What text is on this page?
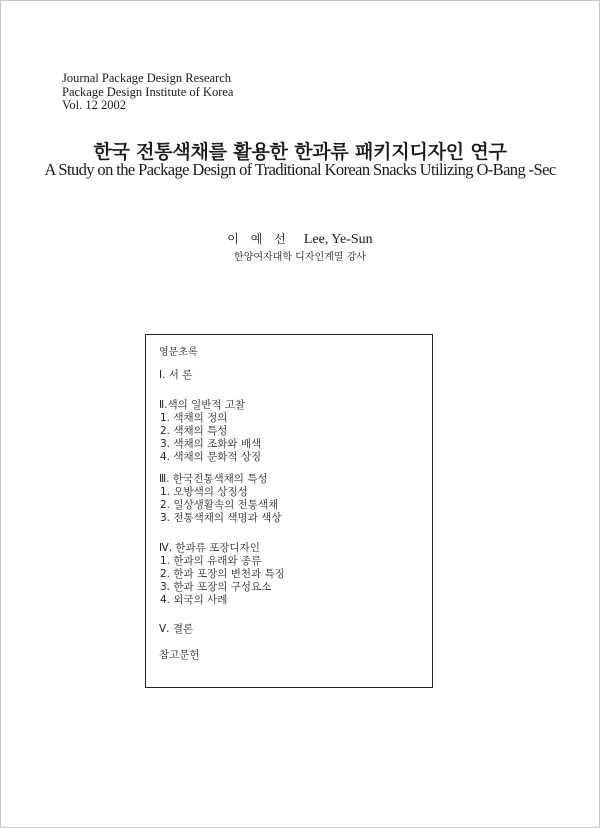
Journal Package Design Research
Package Design Institute of Korea
Vol. 12 2002
한국 전통색채를 활용한 한과류 패키지디자인 연구
A Study on the Package Design of Traditional Korean Snacks Utilizing O-Bang -Sec
이 예 선 Lee, Ye-Sun
한양여자대학 디자인계열 강사
영문초록
Ⅰ. 서 론
Ⅱ.색의 일반적 고찰
1. 색채의 정의
2. 색채의 특성
3. 색채의 조화와 배색
4. 색채의 문화적 상징
Ⅲ. 한국전통색채의 특성
1. 오방색의 상징성
2. 일상생활속의 전통색채
3. 전통색채의 색명과 색상
Ⅳ. 한과류 포장디자인
1. 한과의 유래와 종류
2. 한과 포장의 변천과 특징
3. 한과 포장의 구성요소
4. 외국의 사례
Ⅴ. 결론
참고문헌
